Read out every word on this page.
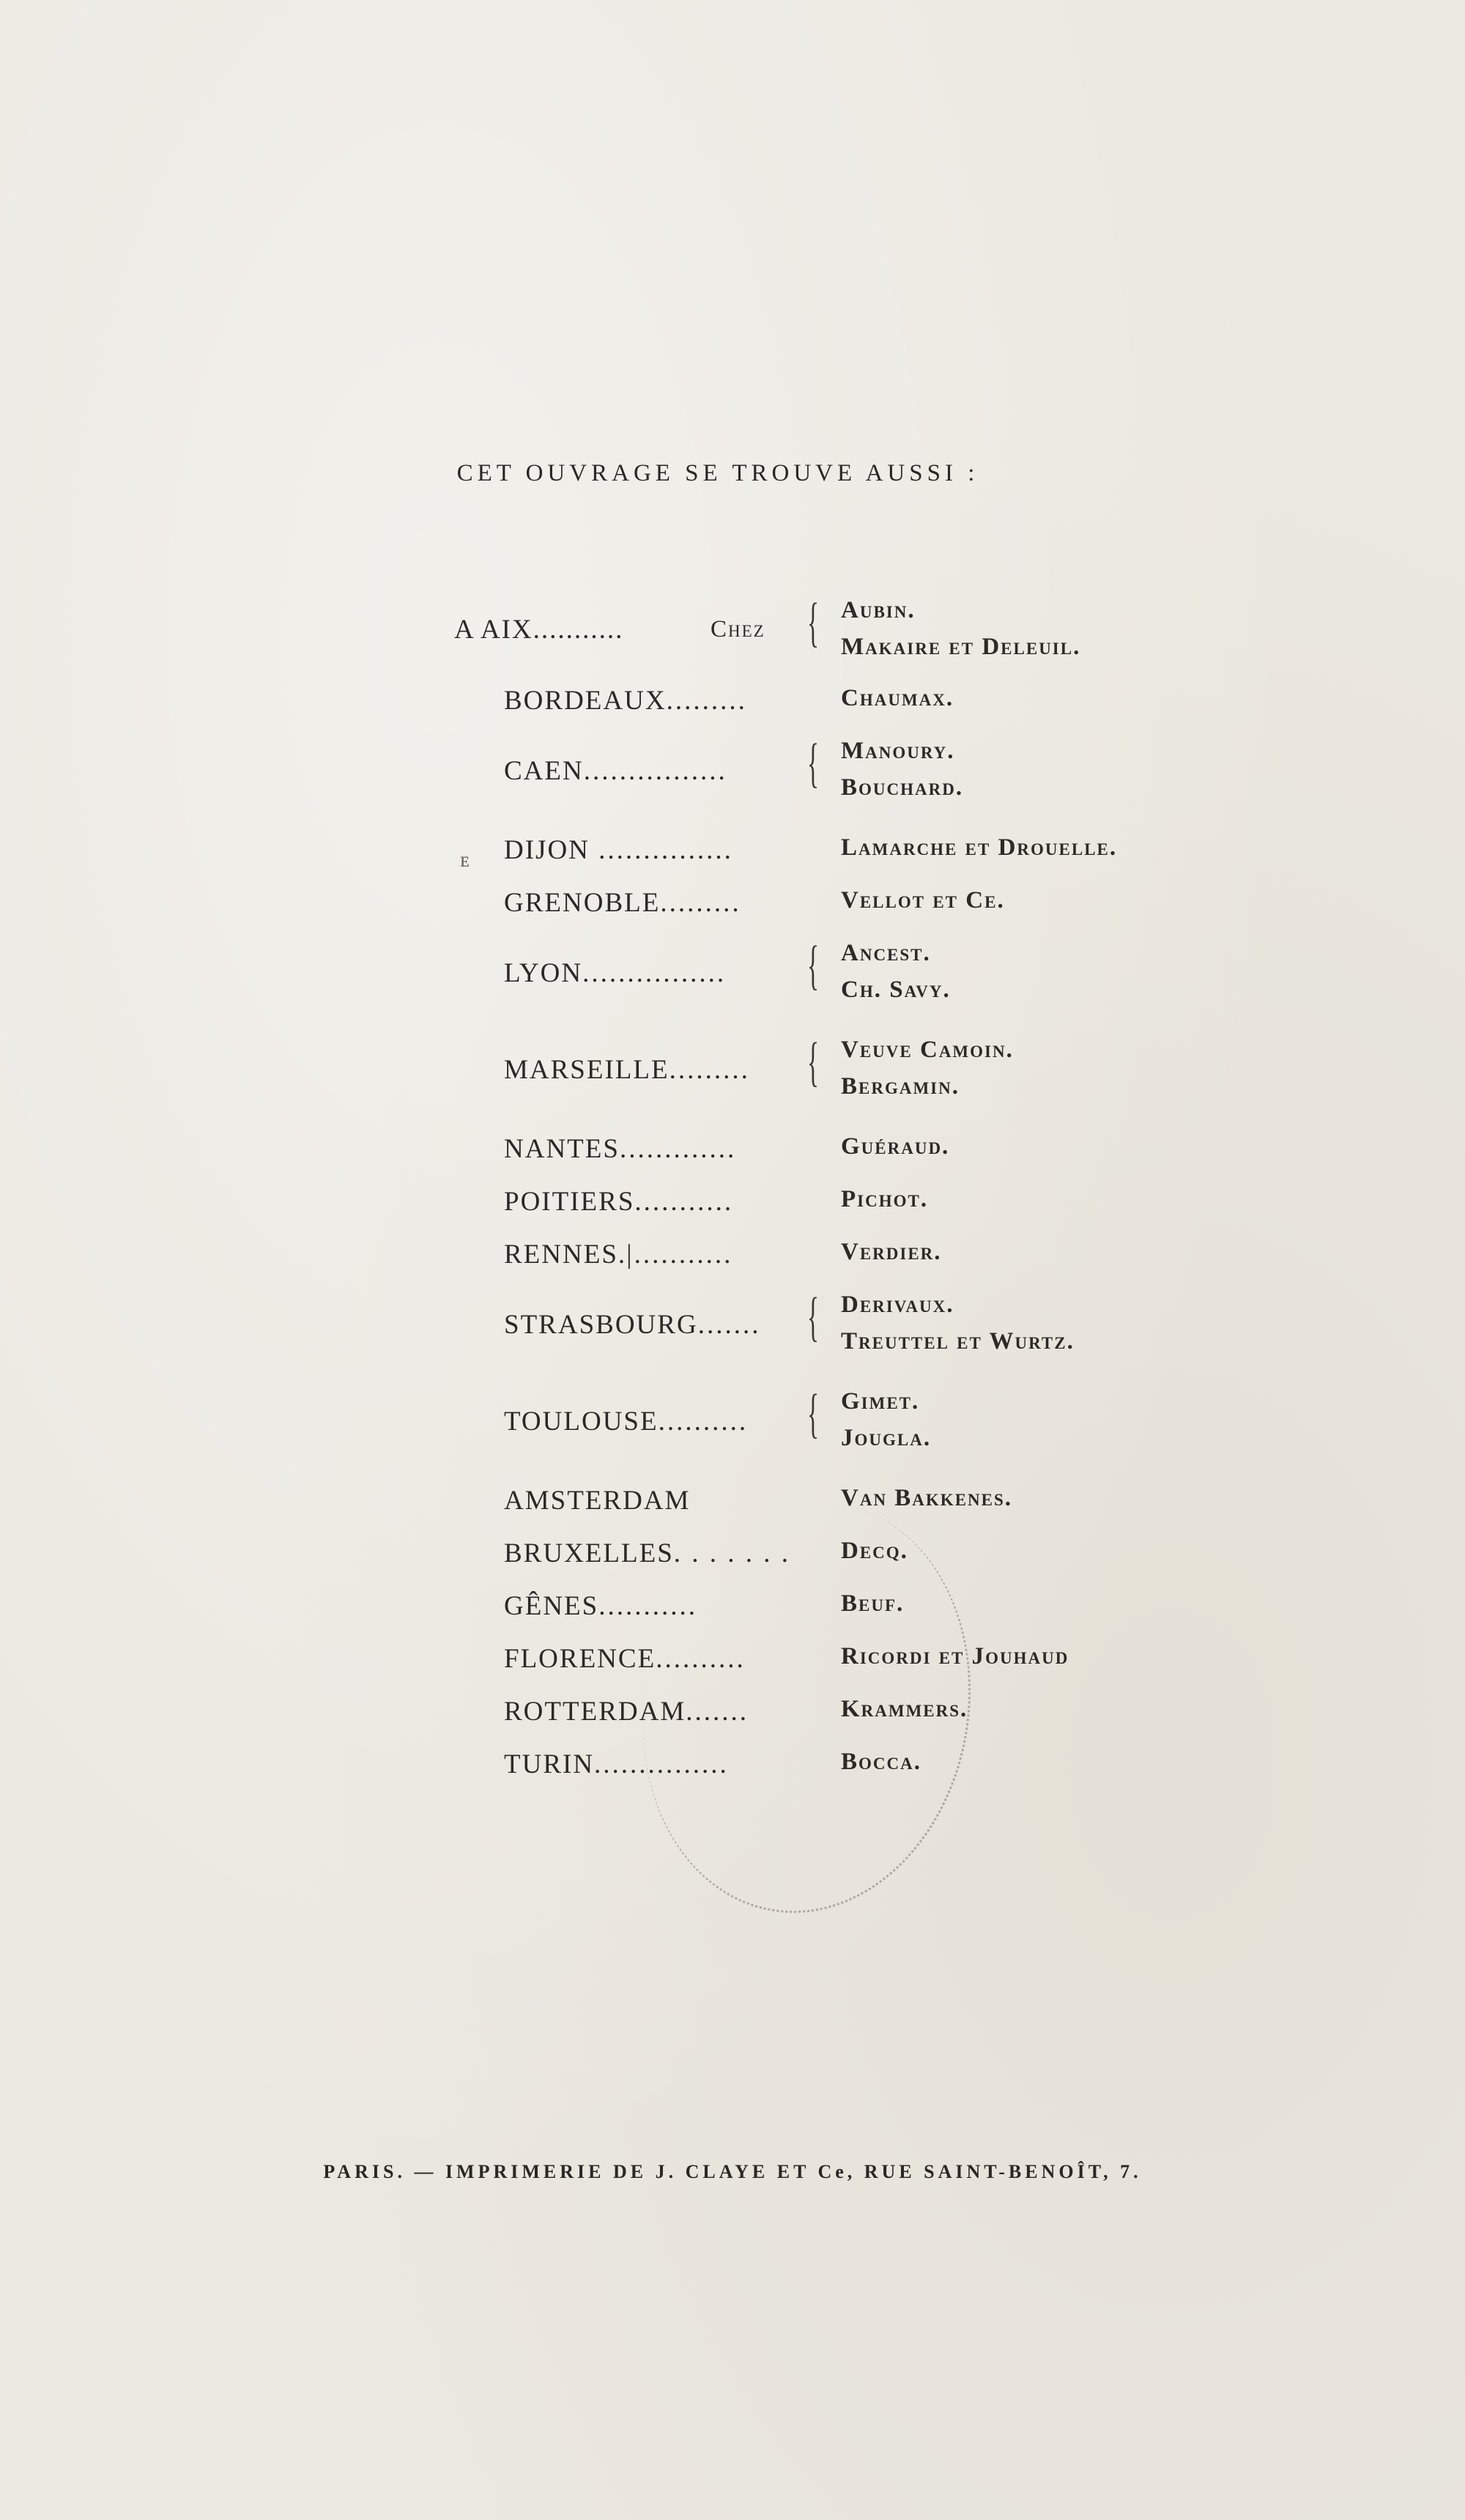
CET OUVRAGE SE TROUVE AUSSI :
A AIX...........	Chez { Aubin.
Makaire et Deleuil.
ᴇ
BORDEAUX.........	Chaumax.
CAEN................ { Manoury.
Bouchard.
DIJON ...............	Lamarche et Drouelle.
GRENOBLE.........	Vellot et Ce.
LYON................ { Ancest.
Ch. Savy.
MARSEILLE......... { Veuve Camoin.
Bergamin.
NANTES.............	Guéraud.
POITIERS...........	Pichot.
RENNES.|...........	Verdier.
STRASBOURG....... { Derivaux.
Treuttel et Wurtz.
TOULOUSE.......... { Gimet.
Jougla.
AMSTERDAM	Van Bakkenes.
BRUXELLES. . . . . . . Decq.
GÊNES...........	Beuf.
FLORENCE..........	Ricordi et Jouhaud
ROTTERDAM.......	Krammers.
TURIN...............	Bocca.
PARIS. — IMPRIMERIE DE J. CLAYE ET Ce, RUE SAINT-BENOÎT, 7.
